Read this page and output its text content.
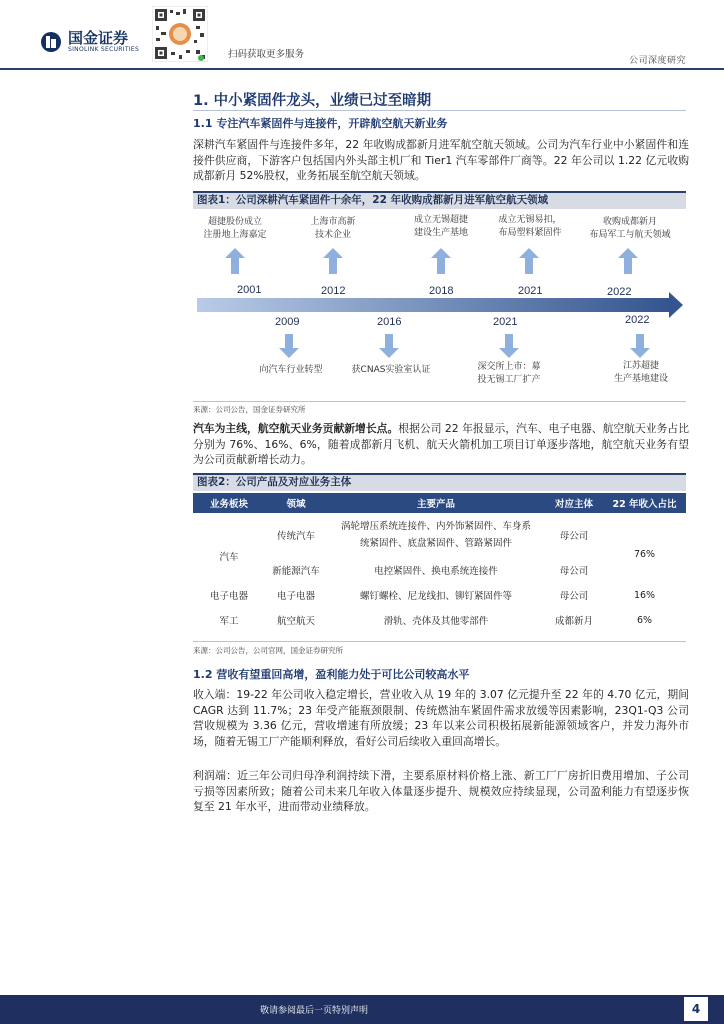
国金证券
SINOLINK SECURITIES	扫码获取更多服务
公司深度研究
1. 中小紧固件龙头，业绩已过至暗期
1.1 专注汽车紧固件与连接件，开辟航空航天新业务
深耕汽车紧固件与连接件多年，22 年收购成都新月进军航空航天领域。公司为汽车行业中小紧固件和连接件供应商，下游客户包括国内外头部主机厂和 Tier1 汽车零部件厂商等。22 年公司以 1.22 亿元收购成都新月 52%股权，业务拓展至航空航天领域。
图表1：公司深耕汽车紧固件十余年，22 年收购成都新月进军航空航天领域
超捷股份成立
注册地上海嘉定
上海市高新
技术企业
成立无锡超捷
建设生产基地
成立无锡易扣，
布局塑料紧固件
收购成都新月
布局军工与航天领域
2001	2012	2018	2021	2022
2009	2016	2021	2022
向汽车行业转型	获CNAS实验室认证	深交所上市：募
投无锡工厂扩产
江苏超捷
生产基地建设
来源：公司公告，国金证券研究所
汽车为主线，航空航天业务贡献新增长点。根据公司 22 年报显示，汽车、电子电器、航空航天业务占比分别为 76%、16%、6%，随着成都新月飞机、航天火箭机加工项目订单逐步落地，航空航天业务有望为公司贡献新增长动力。
图表2：公司产品及对应业务主体
业务板块	领域	主要产品	对应主体	22 年收入占比
汽车	传统汽车	涡轮增压系统连接件、内外饰紧固件、车身系统紧固件、底盘紧固件、管路紧固件	母公司	76%
	新能源汽车	电控紧固件、换电系统连接件	母公司	
电子电器	电子电器	螺钉螺栓、尼龙线扣、铆钉紧固件等	母公司	16%
军工	航空航天	滑轨、壳体及其他零部件	成都新月	6%
来源：公司公告，公司官网，国金证券研究所
1.2 营收有望重回高增，盈利能力处于可比公司较高水平
收入端：19-22 年公司收入稳定增长，营业收入从 19 年的 3.07 亿元提升至 22 年的 4.70 亿元，期间 CAGR 达到 11.7%；23 年受产能瓶颈限制、传统燃油车紧固件需求放缓等因素影响，23Q1-Q3 公司营收规模为 3.36 亿元，营收增速有所放缓；23 年以来公司积极拓展新能源领域客户，并发力海外市场，随着无锡工厂产能顺利释放，看好公司后续收入重回高增长。
利润端：近三年公司归母净利润持续下滑，主要系原材料价格上涨、新工厂厂房折旧费用增加、子公司亏损等因素所致；随着公司未来几年收入体量逐步提升、规模效应持续显现，公司盈利能力有望逐步恢复至 21 年水平，进而带动业绩释放。
敬请参阅最后一页特别声明	4
